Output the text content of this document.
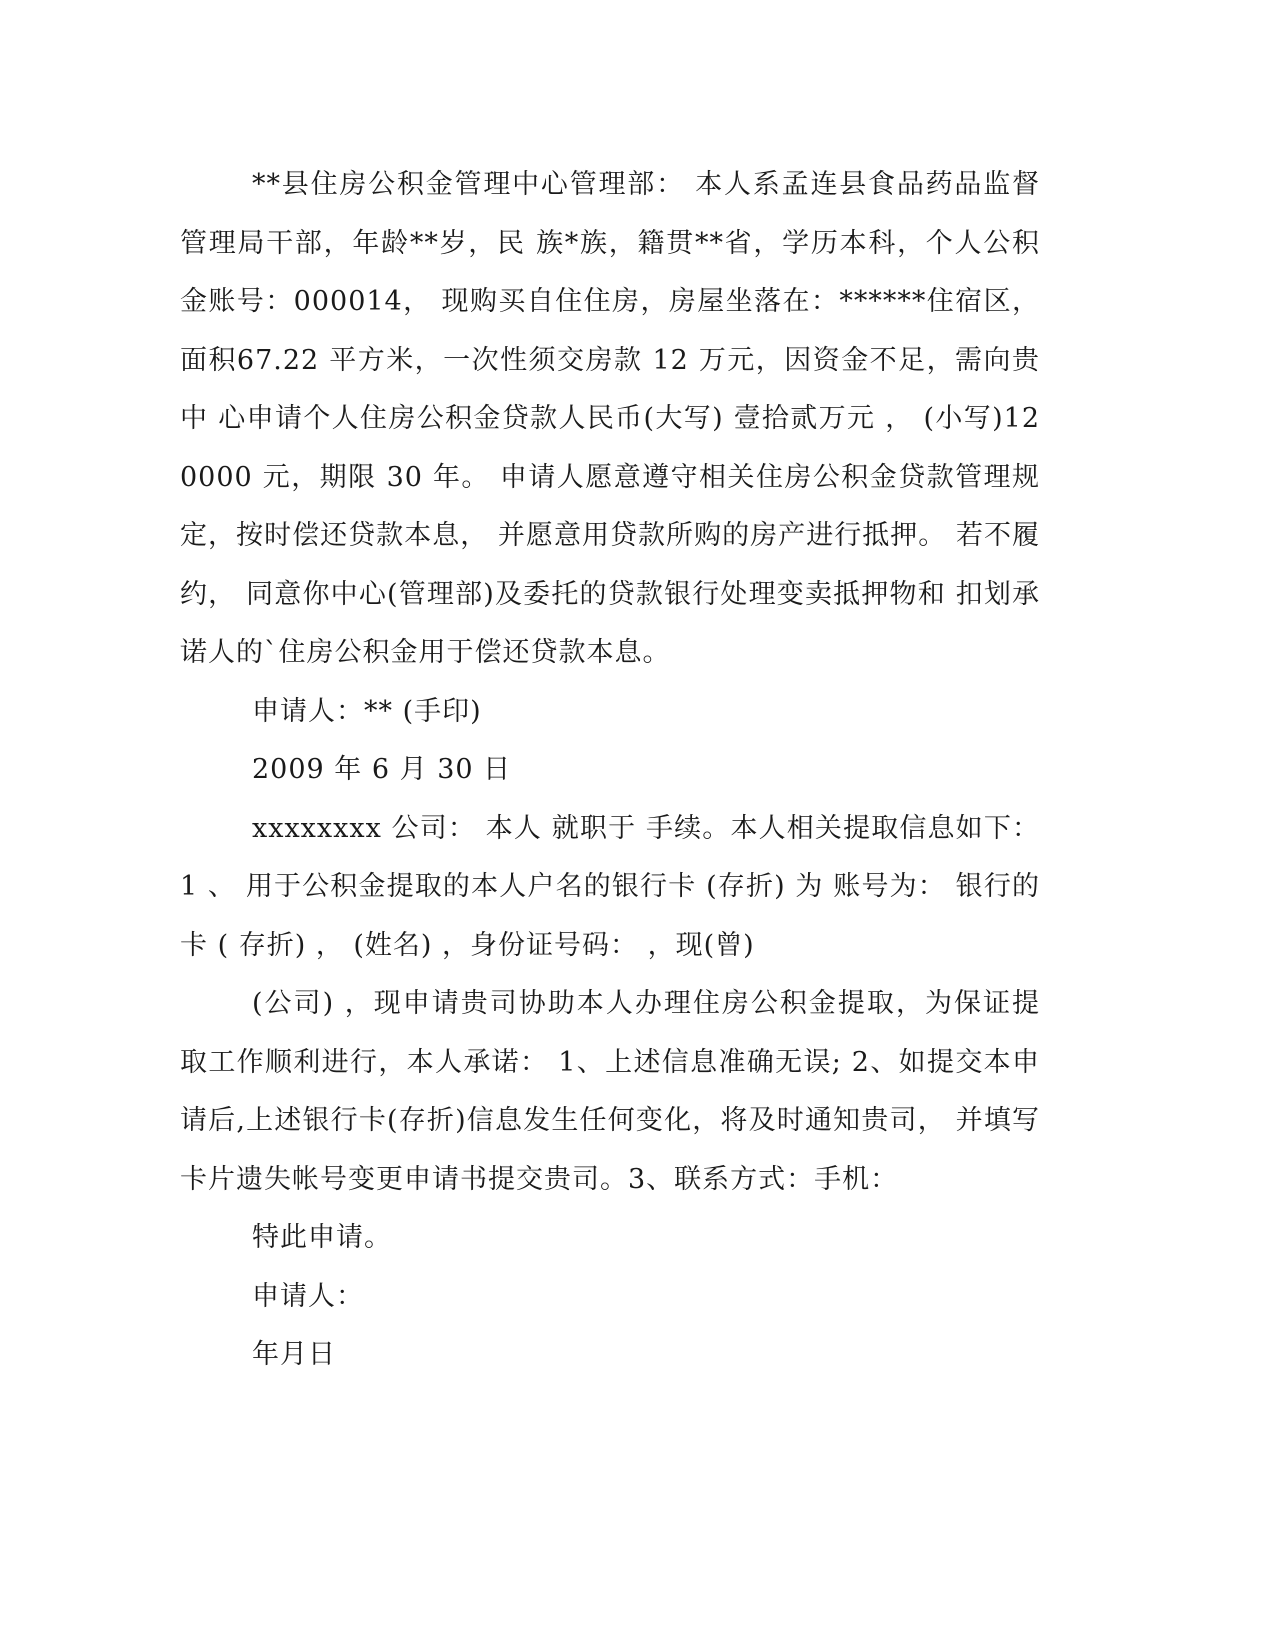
**县住房公积金管理中心管理部： 本人系孟连县食品药品监督管理局干部，年龄**岁，民 族*族，籍贯**省，学历本科，个人公积金账号：000014， 现购买自住住房，房屋坐落在：******住宿区，面积67.22 平方米，一次性须交房款 12 万元，因资金不足，需向贵中 心申请个人住房公积金贷款人民币(大写) 壹拾贰万元 ， (小写)120000 元，期限 30 年。 申请人愿意遵守相关住房公积金贷款管理规定，按时偿还贷款本息， 并愿意用贷款所购的房产进行抵押。 若不履约， 同意你中心(管理部)及委托的贷款银行处理变卖抵押物和 扣划承诺人的`住房公积金用于偿还贷款本息。

申请人：** (手印)

2009 年 6 月 30 日

xxxxxxxx 公司： 本人 就职于 手续。本人相关提取信息如下： 1 、 用于公积金提取的本人户名的银行卡 (存折) 为 账号为： 银行的卡 ( 存折) ， (姓名) ，身份证号码： ，现(曾)

(公司) ，现申请贵司协助本人办理住房公积金提取，为保证提取工作顺利进行，本人承诺： 1、上述信息准确无误; 2、如提交本申请后,上述银行卡(存折)信息发生任何变化，将及时通知贵司， 并填写卡片遗失帐号变更申请书提交贵司。3、联系方式：手机：

特此申请。

申请人：

年月日
